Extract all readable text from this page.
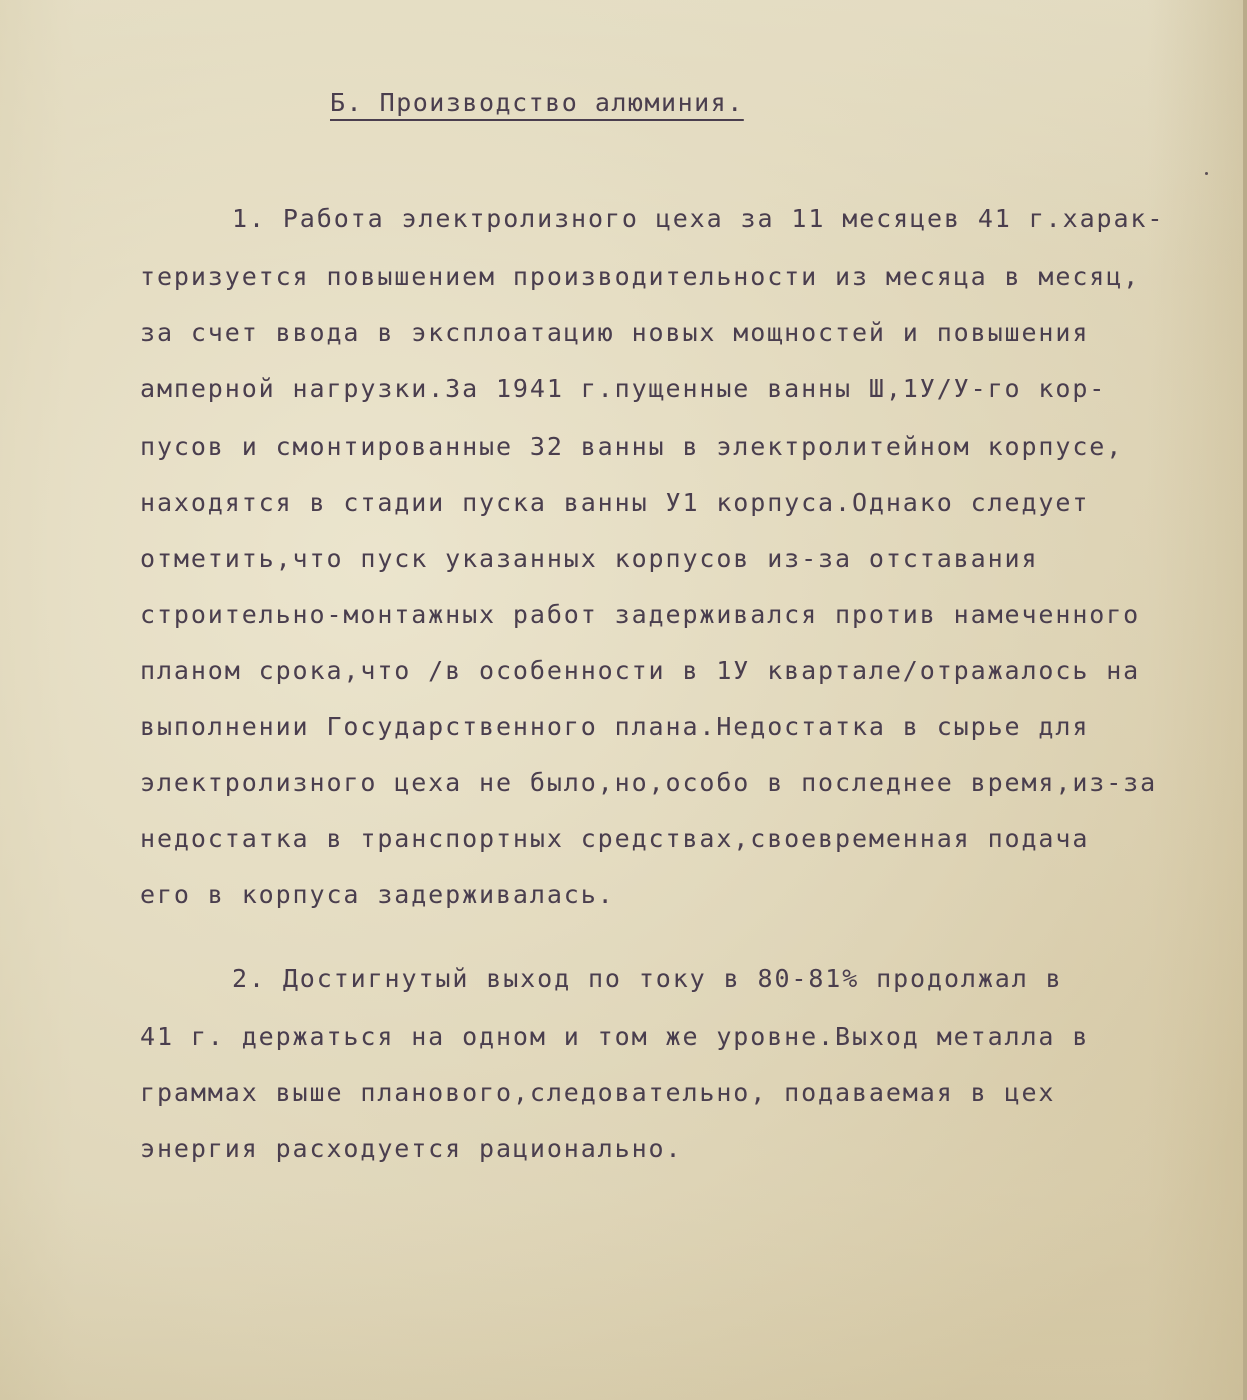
Б. Производство алюминия.
1. Работа электролизного цеха за 11 месяцев 41 г.харак-
теризуется повышением производительности из месяца в месяц,
за счет ввода в эксплоатацию новых мощностей и повышения
амперной нагрузки.За 1941 г.пущенные ванны Ш,1У/У-го кор-
пусов и смонтированные 32 ванны в электролитейном корпусе,
находятся в стадии пуска ванны У1 корпуса.Однако следует
отметить,что пуск указанных корпусов из-за отставания
строительно-монтажных работ задерживался против намеченного
планом срока,что /в особенности в 1У квартале/отражалось на
выполнении Государственного плана.Недостатка в сырье для
электролизного цеха не было,но,особо в последнее время,из-за
недостатка в транспортных средствах,своевременная подача
его в корпуса задерживалась.
2. Достигнутый выход по току в 80-81% продолжал в
41 г. держаться на одном и том же уровне.Выход металла в
граммах выше планового,следовательно, подаваемая в цех
энергия расходуется рационально.
